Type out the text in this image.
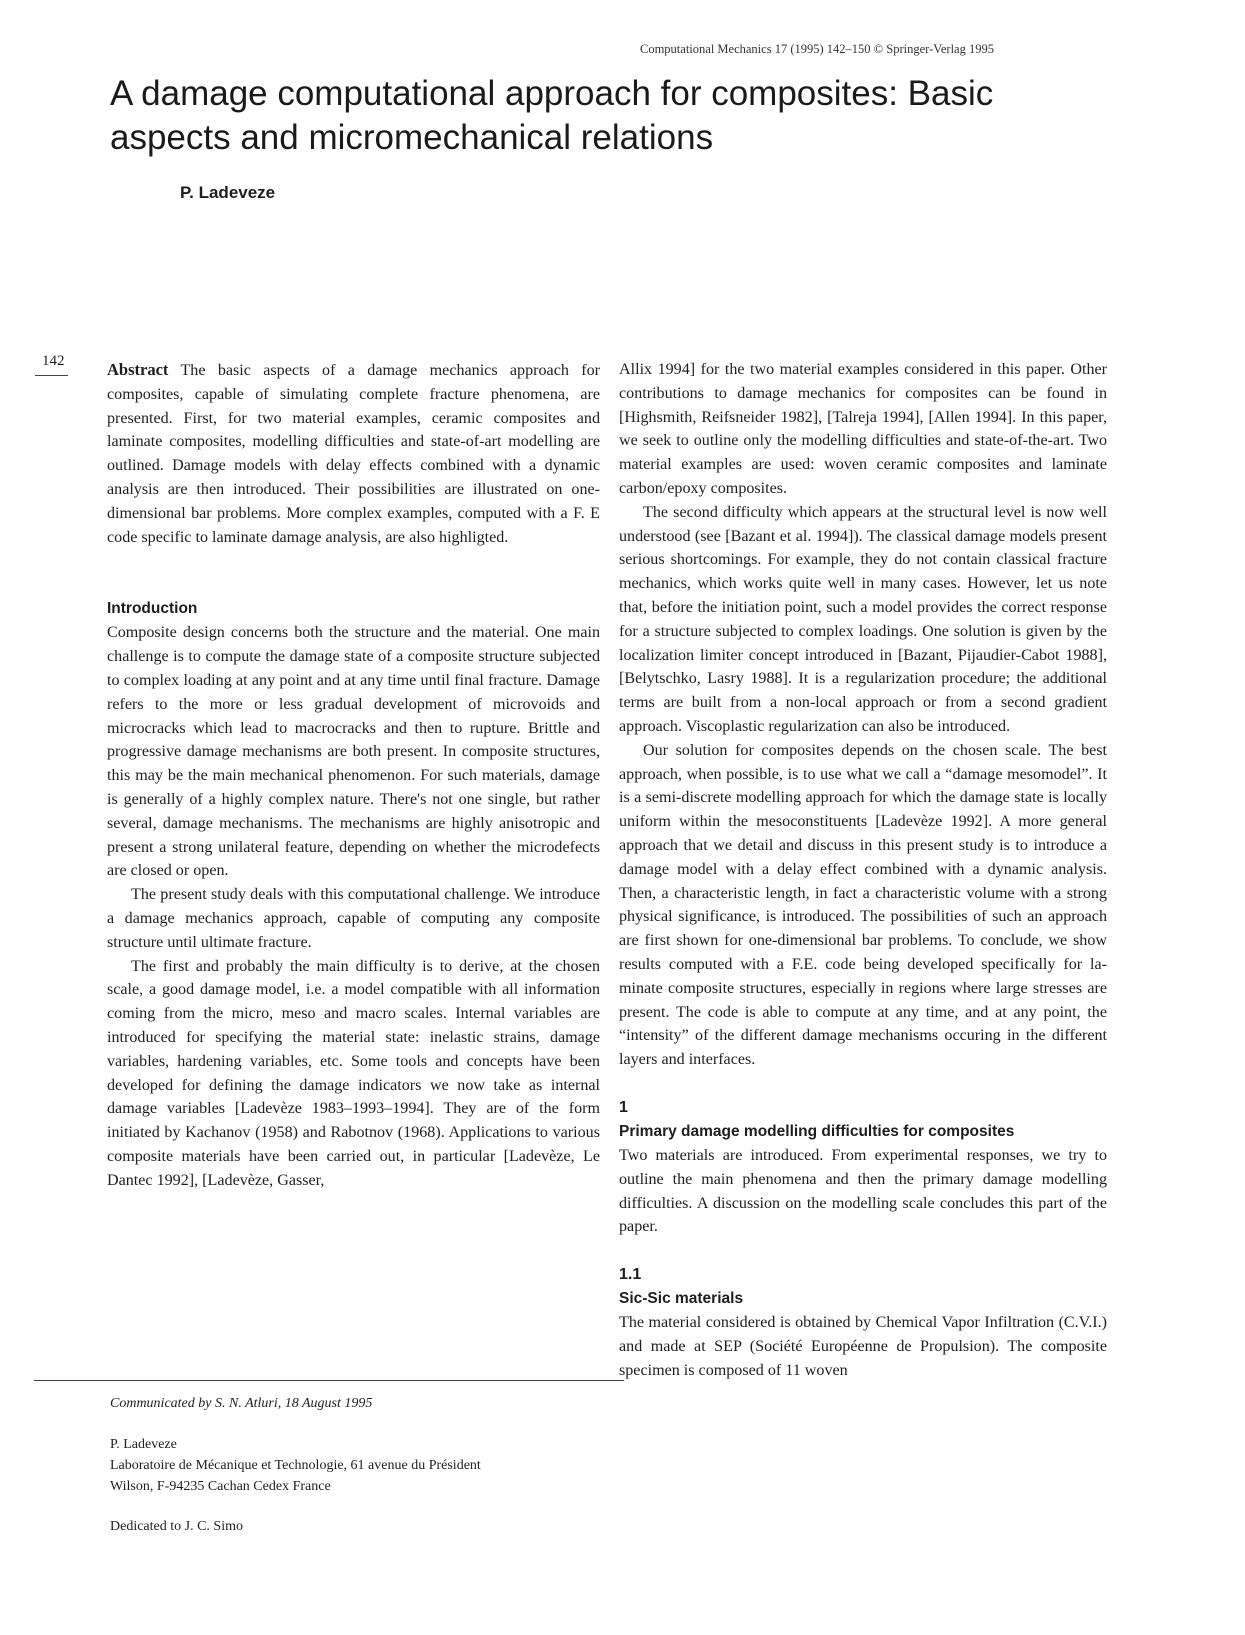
Computational Mechanics 17 (1995) 142–150 © Springer-Verlag 1995
A damage computational approach for composites: Basic aspects and micromechanical relations
P. Ladeveze
142	Abstract The basic aspects of a damage mechanics approach for composites, capable of simulating complete fracture phenomena, are presented. First, for two material examples, ceramic composites and laminate composites, modelling difficulties and state-of-art modelling are outlined. Damage models with delay effects combined with a dynamic analysis are then introduced. Their possibilities are illustrated on one-dimensional bar problems. More complex examples, computed with a F. E code specific to laminate damage analysis, are also highligted.

Introduction

Composite design concerns both the structure and the material. One main challenge is to compute the damage state of a composite structure subjected to complex loading at any point and at any time until final fracture. Damage refers to the more or less gradual development of microvoids and microcracks which lead to macrocracks and then to rupture. Brittle and progressive damage mechanisms are both present. In composite structures, this may be the main mechanical phenomenon. For such materials, damage is generally of a highly complex nature. There's not one single, but rather several, damage mechanisms. The mechanisms are highly anisotropic and present a strong unilateral feature, depending on whether the microdefects are closed or open.

The present study deals with this computational challenge. We introduce a damage mechanics approach, capable of computing any composite structure until ultimate fracture.

The first and probably the main difficulty is to derive, at the chosen scale, a good damage model, i.e. a model compatible with all information coming from the micro, meso and macro scales. Internal variables are introduced for specifying the material state: inelastic strains, damage variables, hardening variables, etc. Some tools and concepts have been developed for defining the damage indicators we now take as internal damage variables [Ladevèze 1983–1993–1994]. They are of the form initiated by Kachanov (1958) and Rabotnov (1968). Applications to various composite materials have been carried out, in particular [Ladevèze, Le Dantec 1992], [Ladevèze, Gasser,

Allix 1994] for the two material examples considered in this paper. Other contributions to damage mechanics for composites can be found in [Highsmith, Reifsneider 1982], [Talreja 1994], [Allen 1994]. In this paper, we seek to outline only the modelling difficulties and state-of-the-art. Two material examples are used: woven ceramic composites and laminate carbon/epoxy composites.

The second difficulty which appears at the structural level is now well understood (see [Bazant et al. 1994]). The classical damage models present serious shortcomings. For example, they do not contain classical fracture mechanics, which works quite well in many cases. However, let us note that, before the initiation point, such a model provides the correct response for a structure subjected to complex loadings. One solution is given by the localization limiter concept introduced in [Bazant, Pijaudier-Cabot 1988], [Belytschko, Lasry 1988]. It is a regularization procedure; the additional terms are built from a non-local approach or from a second gradient approach. Viscoplastic regularization can also be introduced.

Our solution for composites depends on the chosen scale. The best approach, when possible, is to use what we call a “damage mesomodel”. It is a semi-discrete modelling approach for which the damage state is locally uniform within the mesoconstituents [Ladevèze 1992]. A more general approach that we detail and discuss in this present study is to introduce a damage model with a delay effect combined with a dynamic analysis. Then, a characteristic length, in fact a characteristic volume with a strong physical significance, is introduced. The possibilities of such an approach are first shown for one-dimensional bar problems. To conclude, we show results computed with a F.E. code being developed specifically for la-minate composite structures, especially in regions where large stresses are present. The code is able to compute at any time, and at any point, the “intensity” of the different damage mechanisms occuring in the different layers and interfaces.

1
Primary damage modelling difficulties for composites

Two materials are introduced. From experimental responses, we try to outline the main phenomena and then the primary damage modelling difficulties. A discussion on the modelling scale concludes this part of the paper.

1.1
Sic-Sic materials

The material considered is obtained by Chemical Vapor Infiltration (C.V.I.) and made at SEP (Société Européenne de Propulsion). The composite specimen is composed of 11 woven

Communicated by S. N. Atluri, 18 August 1995
P. Ladeveze
Laboratoire de Mécanique et Technologie, 61 avenue du Président
Wilson, F-94235 Cachan Cedex France
Dedicated to J. C. Simo
